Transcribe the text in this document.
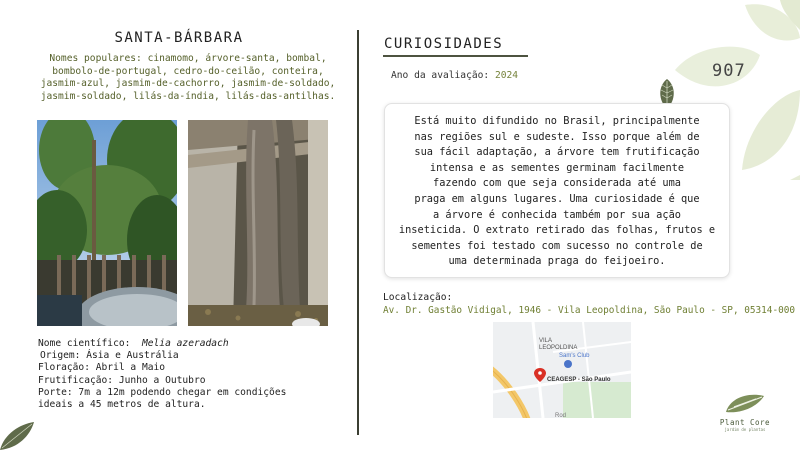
SANTA-BÁRBARA
Nomes populares: cinamomo, árvore-santa, bombal,
bombolo-de-portugal, cedro-do-ceilão, conteira,
jasmim-azul, jasmim-de-cachorro, jasmim-de-soldado,
jasmim-soldado, lilás-da-índia, lilás-das-antilhas.
Nome científico: Melia azeradach
Origem: Ásia e Austrália
Floração: Abril a Maio
Frutificação: Junho a Outubro
Porte: 7m a 12m podendo chegar em condições
ideais a 45 metros de altura.
CURIOSIDADES
Ano da avaliação: 2024	907
Está muito difundido no Brasil, principalmente
nas regiões sul e sudeste. Isso porque além de
sua fácil adaptação, a árvore tem frutificação
intensa e as sementes germinam facilmente
fazendo com que seja considerada até uma
praga em alguns lugares. Uma curiosidade é que
a árvore é conhecida também por sua ação
inseticida. O extrato retirado das folhas, frutos e
sementes foi testado com sucesso no controle de
uma determinada praga do feijoeiro.
Localização:
Av. Dr. Gastão Vidigal, 1946 - Vila Leopoldina, São Paulo - SP, 05314-000
VILA
LEOPOLDINA
Sam's Club
CEAGESP - São Paulo
Rod
Plant Core
jardim de plantas
